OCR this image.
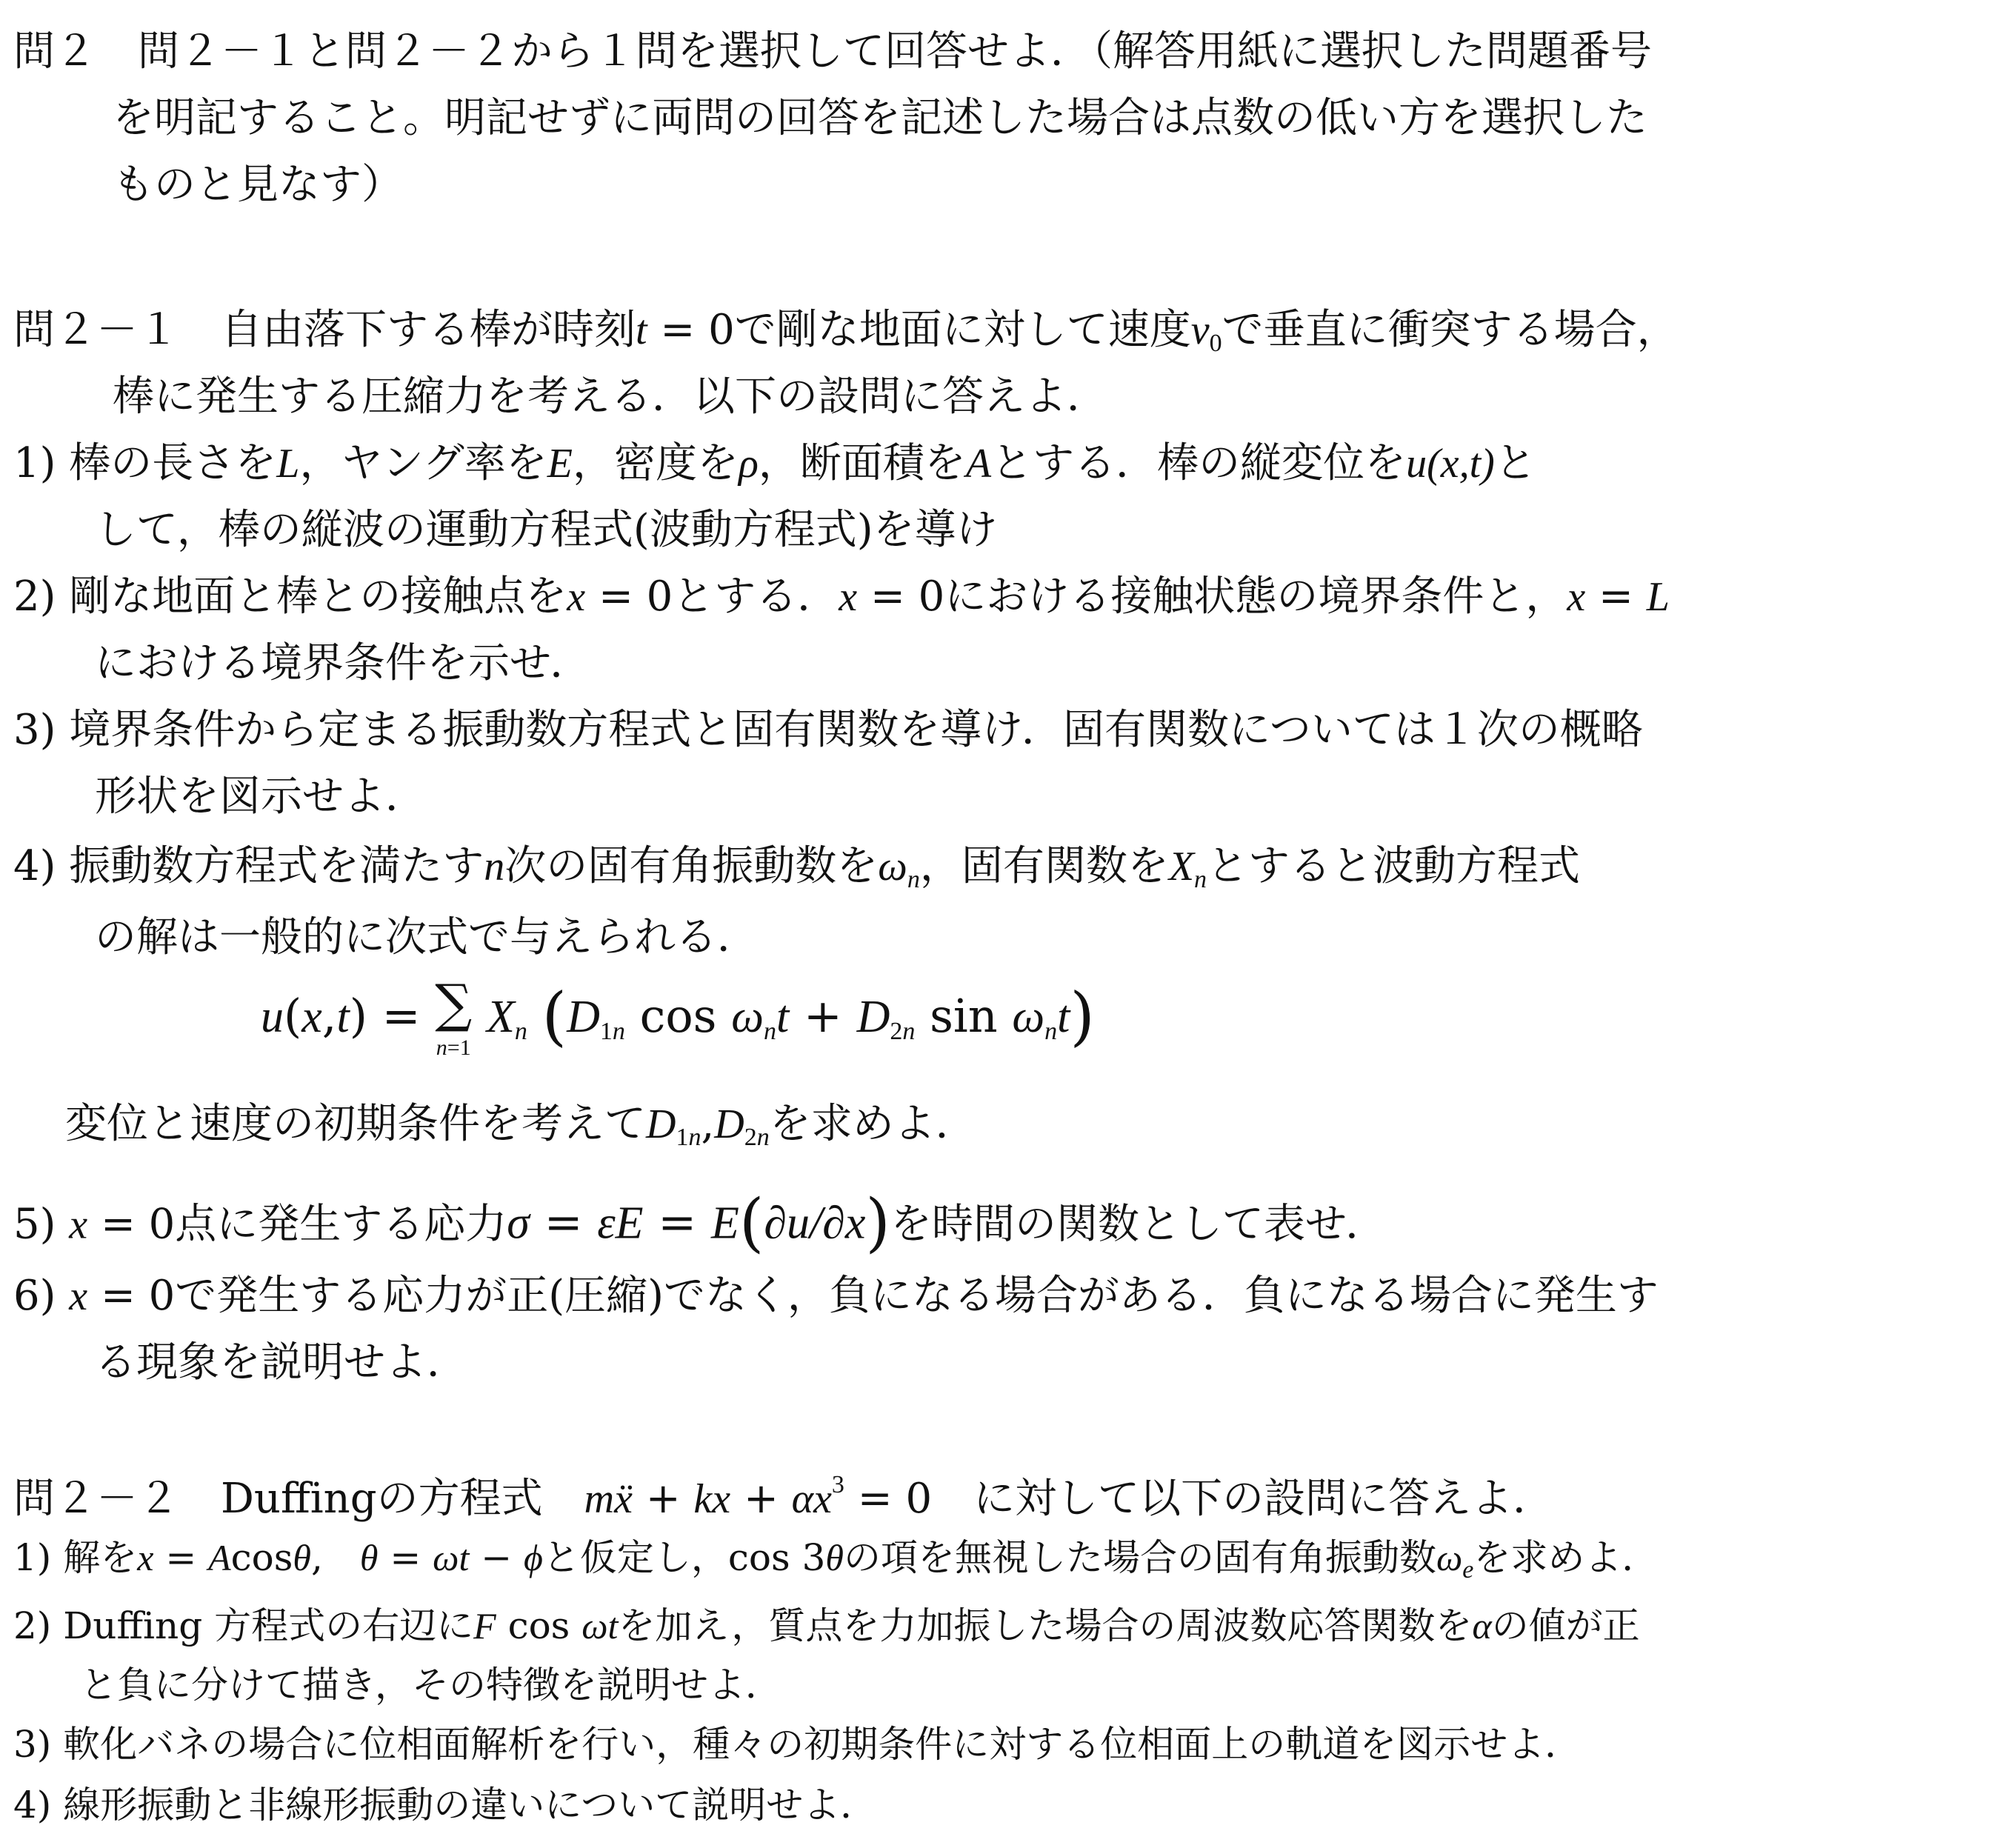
問２　問２－１と問２－２から１問を選択して回答せよ．（解答用紙に選択した問題番号
を明記すること。明記せずに両問の回答を記述した場合は点数の低い方を選択した
ものと見なす）
問２－１　自由落下する棒が時刻t = 0で剛な地面に対して速度$v_0$で垂直に衝突する場合，
棒に発生する圧縮力を考える．以下の設問に答えよ．
1) 棒の長さをL，ヤング率をE，密度をρ，断面積をAとする．棒の縦変位をu(x,t)と
して，棒の縦波の運動方程式(波動方程式)を導け
2) 剛な地面と棒との接触点をx = 0とする．x = 0における接触状態の境界条件と，x = L
における境界条件を示せ．
3) 境界条件から定まる振動数方程式と固有関数を導け．固有関数については１次の概略
形状を図示せよ．
4) 振動数方程式を満たすn次の固有角振動数を$\omega_n$，固有関数を$X_n$とすると波動方程式
の解は一般的に次式で与えられる．
u(x,t) = ∑
n=1
$X_n$ ($D_{1n}$ $\cos \omega_nt + D_{2n}$ $\sin \omega_nt$)
変位と速度の初期条件を考えて$D_{1n},D_{2n}$を求めよ．
5) x = 0点に発生する応力σ = εE = E(∂u/∂x)を時間の関数として表せ．
6) x = 0で発生する応力が正(圧縮)でなく，負になる場合がある．負になる場合に発生す
る現象を説明せよ．
問２－２　Duffingの方程式　 mẍ + kx + $\alpha x^3 = 0$　 に対して以下の設問に答えよ．
1) 解をx = Acosθ,　θ = ωt − ϕと仮定し，cos 3θの項を無視した場合の固有角振動数$\omega_e$を求めよ．
2) Duffing 方程式の右辺にF cos ωtを加え，質点を力加振した場合の周波数応答関数をαの値が正
と負に分けて描き，その特徴を説明せよ．
3) 軟化バネの場合に位相面解析を行い，種々の初期条件に対する位相面上の軌道を図示せよ．
4) 線形振動と非線形振動の違いについて説明せよ．
